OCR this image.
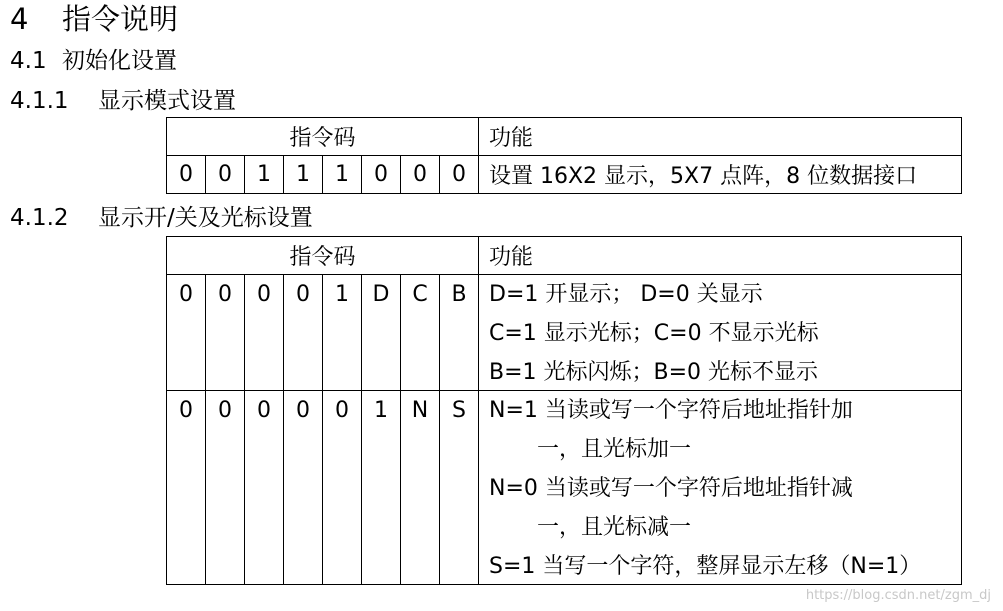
4 指令说明
4.1 初始化设置
4.1.1 显示模式设置
指令码								功能
0	0	1	1	1	0	0	0	设置 16X2 显示，5X7 点阵，8 位数据接口
4.1.2 显示开/关及光标设置
指令码								功能
0	0	0	0	1	D	C	B	D=1 开显示； D=0 关显示
C=1 显示光标；C=0 不显示光标
B=1 光标闪烁；B=0 光标不显示

0	0	0	0	0	1	N	S	N=1 当读或写一个字符后地址指针加
一，且光标加一
N=0 当读或写一个字符后地址指针减
一，且光标减一
S=1 当写一个字符，整屏显示左移（N=1）
https://blog.csdn.net/zgm_dj
